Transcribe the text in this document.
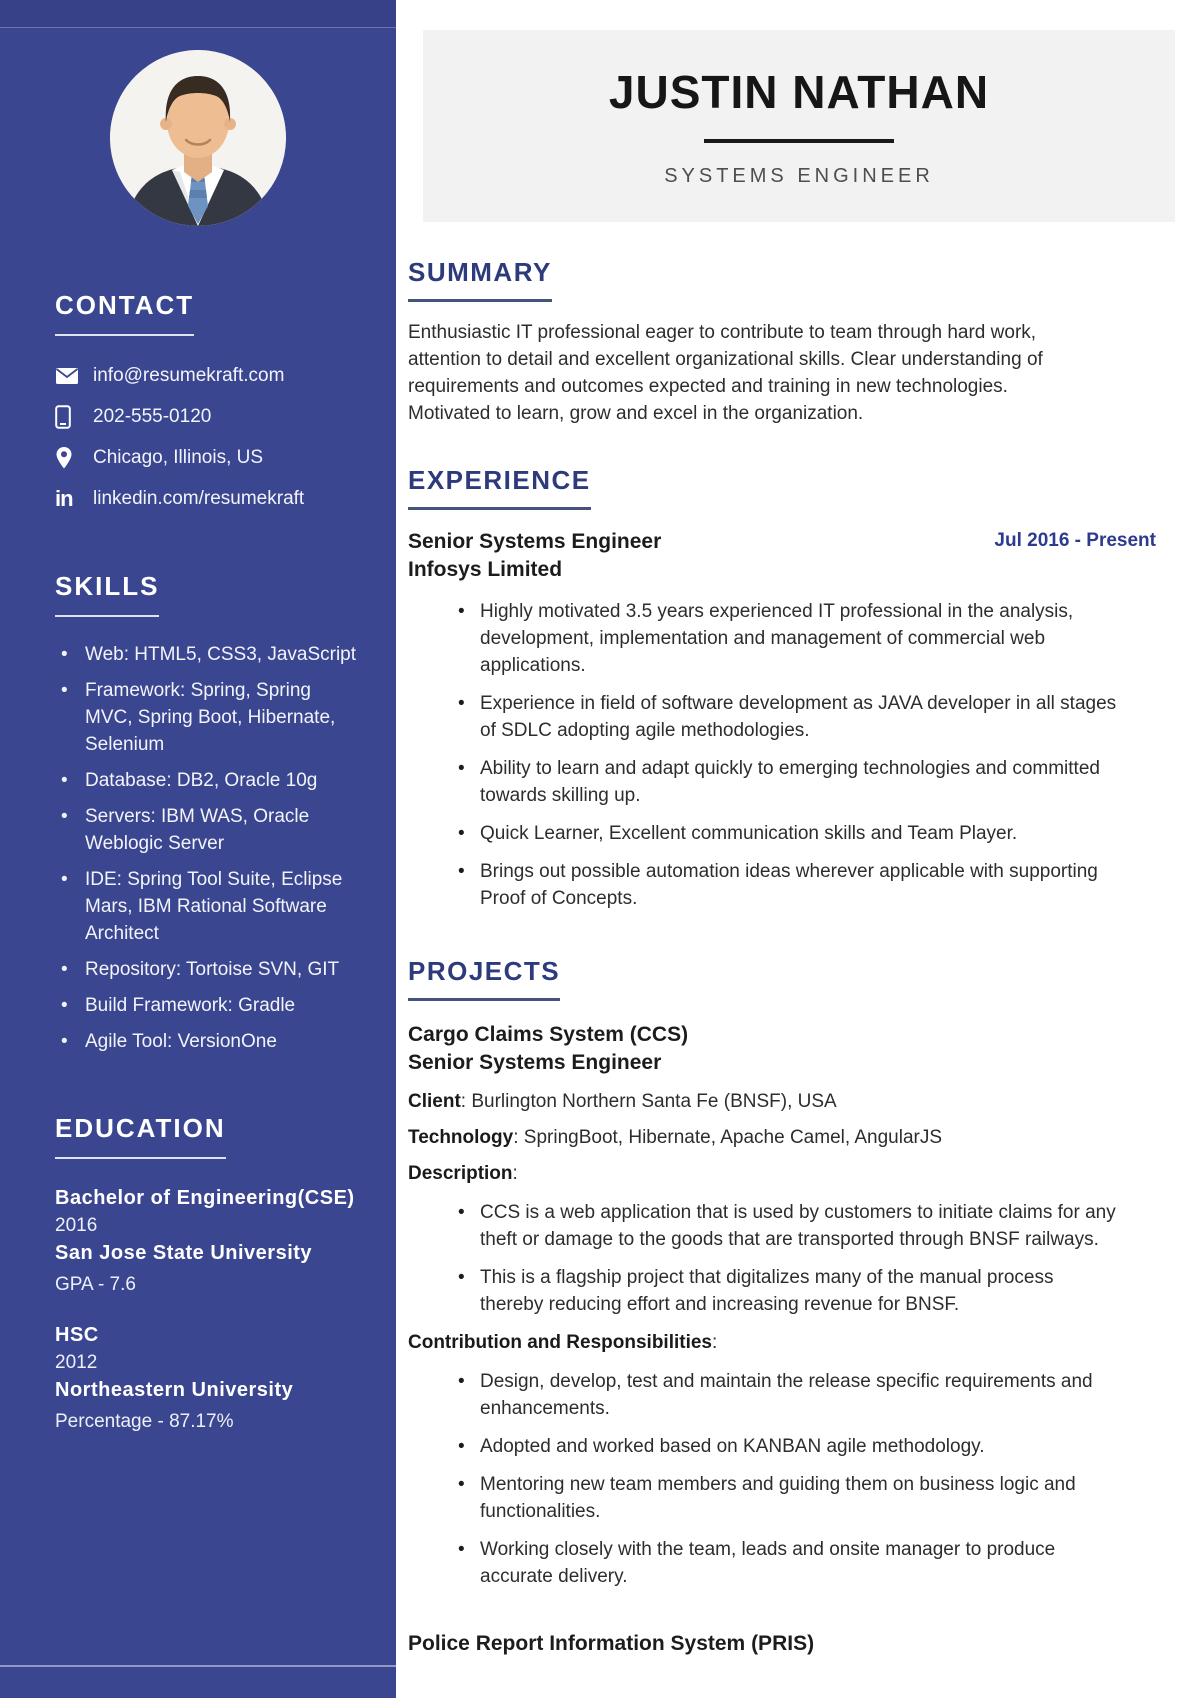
CONTACT
info@resumekraft.com
202-555-0120
Chicago, Illinois, US
in linkedin.com/resumekraft
SKILLS
• Web: HTML5, CSS3, JavaScript
• Framework: Spring, Spring MVC, Spring Boot, Hibernate, Selenium
• Database: DB2, Oracle 10g
• Servers: IBM WAS, Oracle Weblogic Server
• IDE: Spring Tool Suite, Eclipse Mars, IBM Rational Software Architect
• Repository: Tortoise SVN, GIT
• Build Framework: Gradle
• Agile Tool: VersionOne
EDUCATION
Bachelor of Engineering(CSE)
2016
San Jose State University
GPA - 7.6
HSC
2012
Northeastern University
Percentage - 87.17%
JUSTIN NATHAN
SYSTEMS ENGINEER
SUMMARY

Enthusiastic IT professional eager to contribute to team through hard work, attention to detail and excellent organizational skills. Clear understanding of requirements and outcomes expected and training in new technologies. Motivated to learn, grow and excel in the organization.

EXPERIENCE
Senior Systems Engineer
Infosys Limited
Jul 2016 - Present
• Highly motivated 3.5 years experienced IT professional in the analysis, development, implementation and management of commercial web applications.
• Experience in field of software development as JAVA developer in all stages of SDLC adopting agile methodologies.
• Ability to learn and adapt quickly to emerging technologies and committed towards skilling up.
• Quick Learner, Excellent communication skills and Team Player.
• Brings out possible automation ideas wherever applicable with supporting Proof of Concepts.
PROJECTS
Cargo Claims System (CCS)
Senior Systems Engineer

Client: Burlington Northern Santa Fe (BNSF), USA

Technology: SpringBoot, Hibernate, Apache Camel, AngularJS

Description:

• CCS is a web application that is used by customers to initiate claims for any theft or damage to the goods that are transported through BNSF railways.
• This is a flagship project that digitalizes many of the manual process thereby reducing effort and increasing revenue for BNSF.

Contribution and Responsibilities:

• Design, develop, test and maintain the release specific requirements and enhancements.
• Adopted and worked based on KANBAN agile methodology.
• Mentoring new team members and guiding them on business logic and functionalities.
• Working closely with the team, leads and onsite manager to produce accurate delivery.
Police Report Information System (PRIS)
